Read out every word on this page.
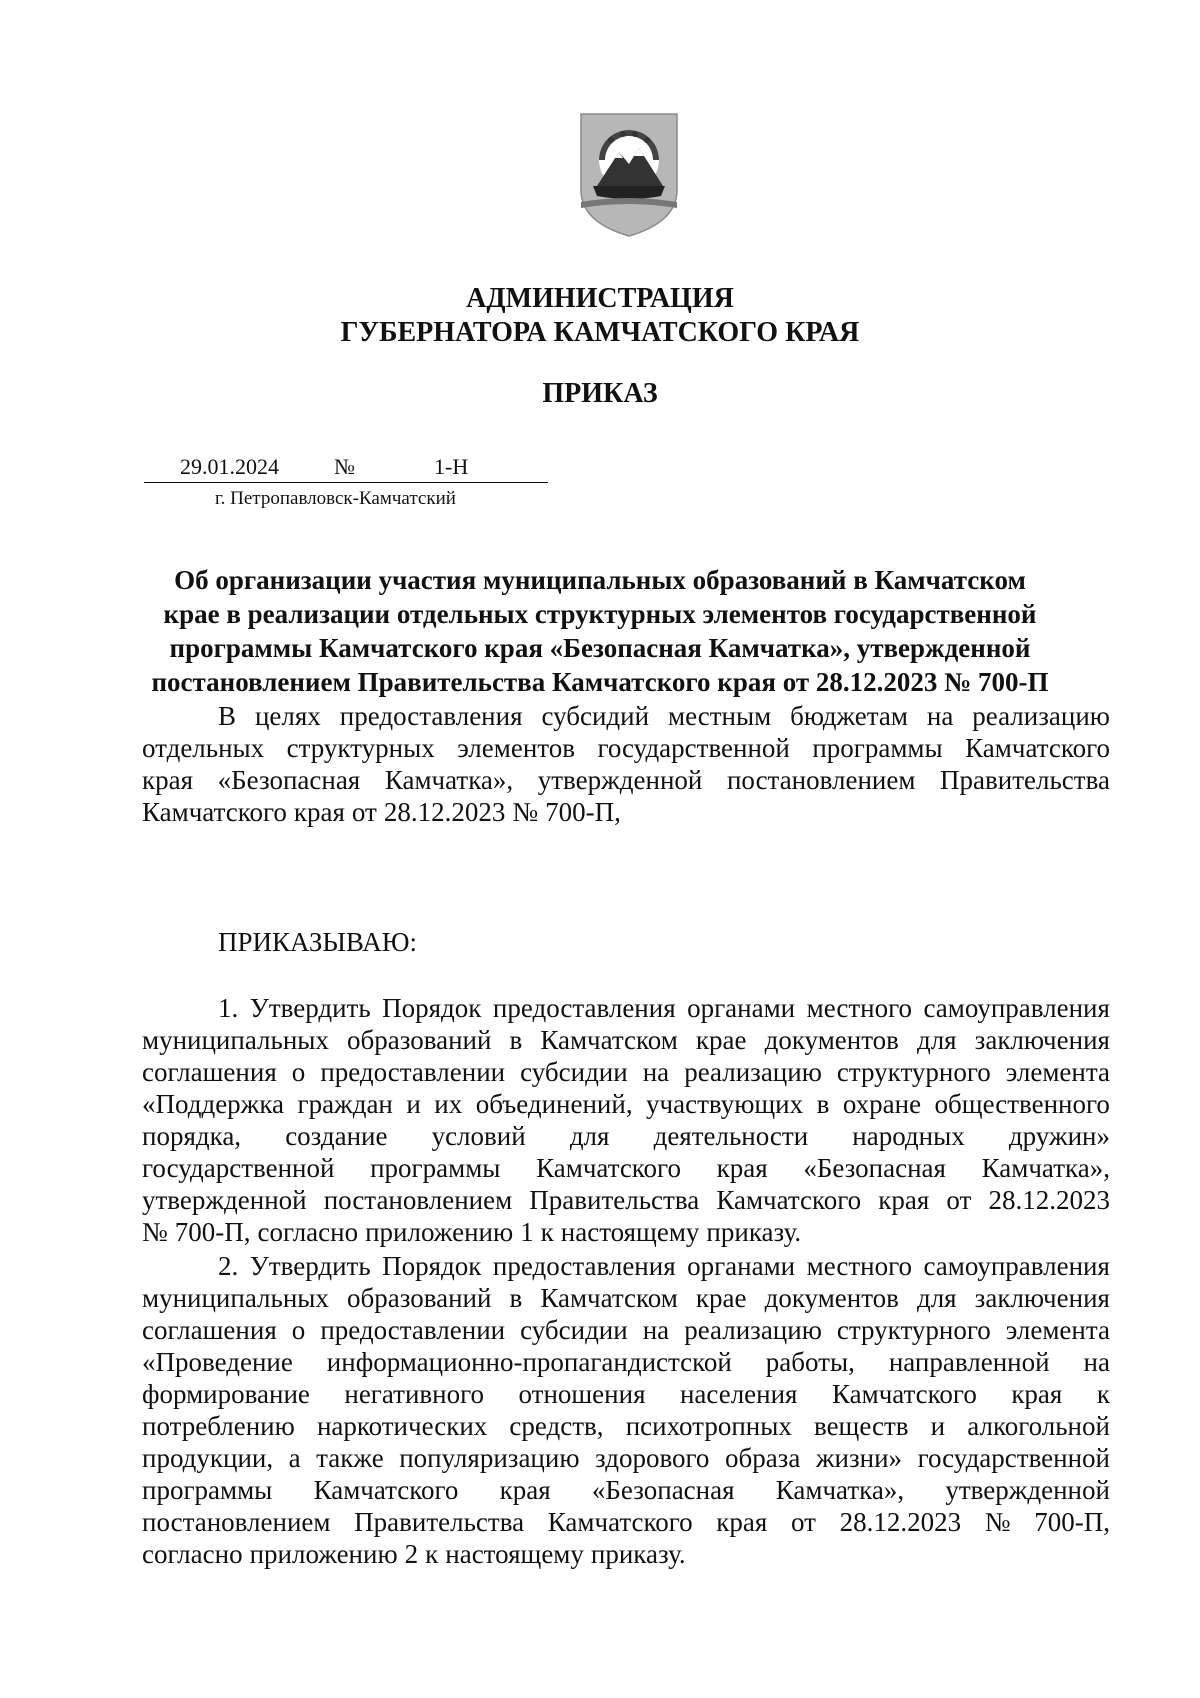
АДМИНИСТРАЦИЯ
ГУБЕРНАТОРА КАМЧАТСКОГО КРАЯ
ПРИКАЗ
29.01.2024	№	1-Н
г. Петропавловск-Камчатский
Об организации участия муниципальных образований в Камчатском
крае в реализации отдельных структурных элементов государственной
программы Камчатского края «Безопасная Камчатка», утвержденной
постановлением Правительства Камчатского края от 28.12.2023 № 700-П
В целях предоставления субсидий местным бюджетам на реализацию
отдельных структурных элементов государственной программы Камчатского
края «Безопасная Камчатка», утвержденной постановлением Правительства
Камчатского края от 28.12.2023 № 700-П,
ПРИКАЗЫВАЮ:
1. Утвердить Порядок предоставления органами местного самоуправления
муниципальных образований в Камчатском крае документов для заключения
соглашения о предоставлении субсидии на реализацию структурного элемента
«Поддержка граждан и их объединений, участвующих в охране общественного
порядка, создание условий для деятельности народных дружин»
государственной программы Камчатского края «Безопасная Камчатка»,
утвержденной постановлением Правительства Камчатского края от 28.12.2023
№ 700-П, согласно приложению 1 к настоящему приказу.
2. Утвердить Порядок предоставления органами местного самоуправления
муниципальных образований в Камчатском крае документов для заключения
соглашения о предоставлении субсидии на реализацию структурного элемента
«Проведение информационно-пропагандистской работы, направленной на
формирование негативного отношения населения Камчатского края к
потреблению наркотических средств, психотропных веществ и алкогольной
продукции, а также популяризацию здорового образа жизни» государственной
программы Камчатского края «Безопасная Камчатка», утвержденной
постановлением Правительства Камчатского края от 28.12.2023 № 700-П,
согласно приложению 2 к настоящему приказу.
